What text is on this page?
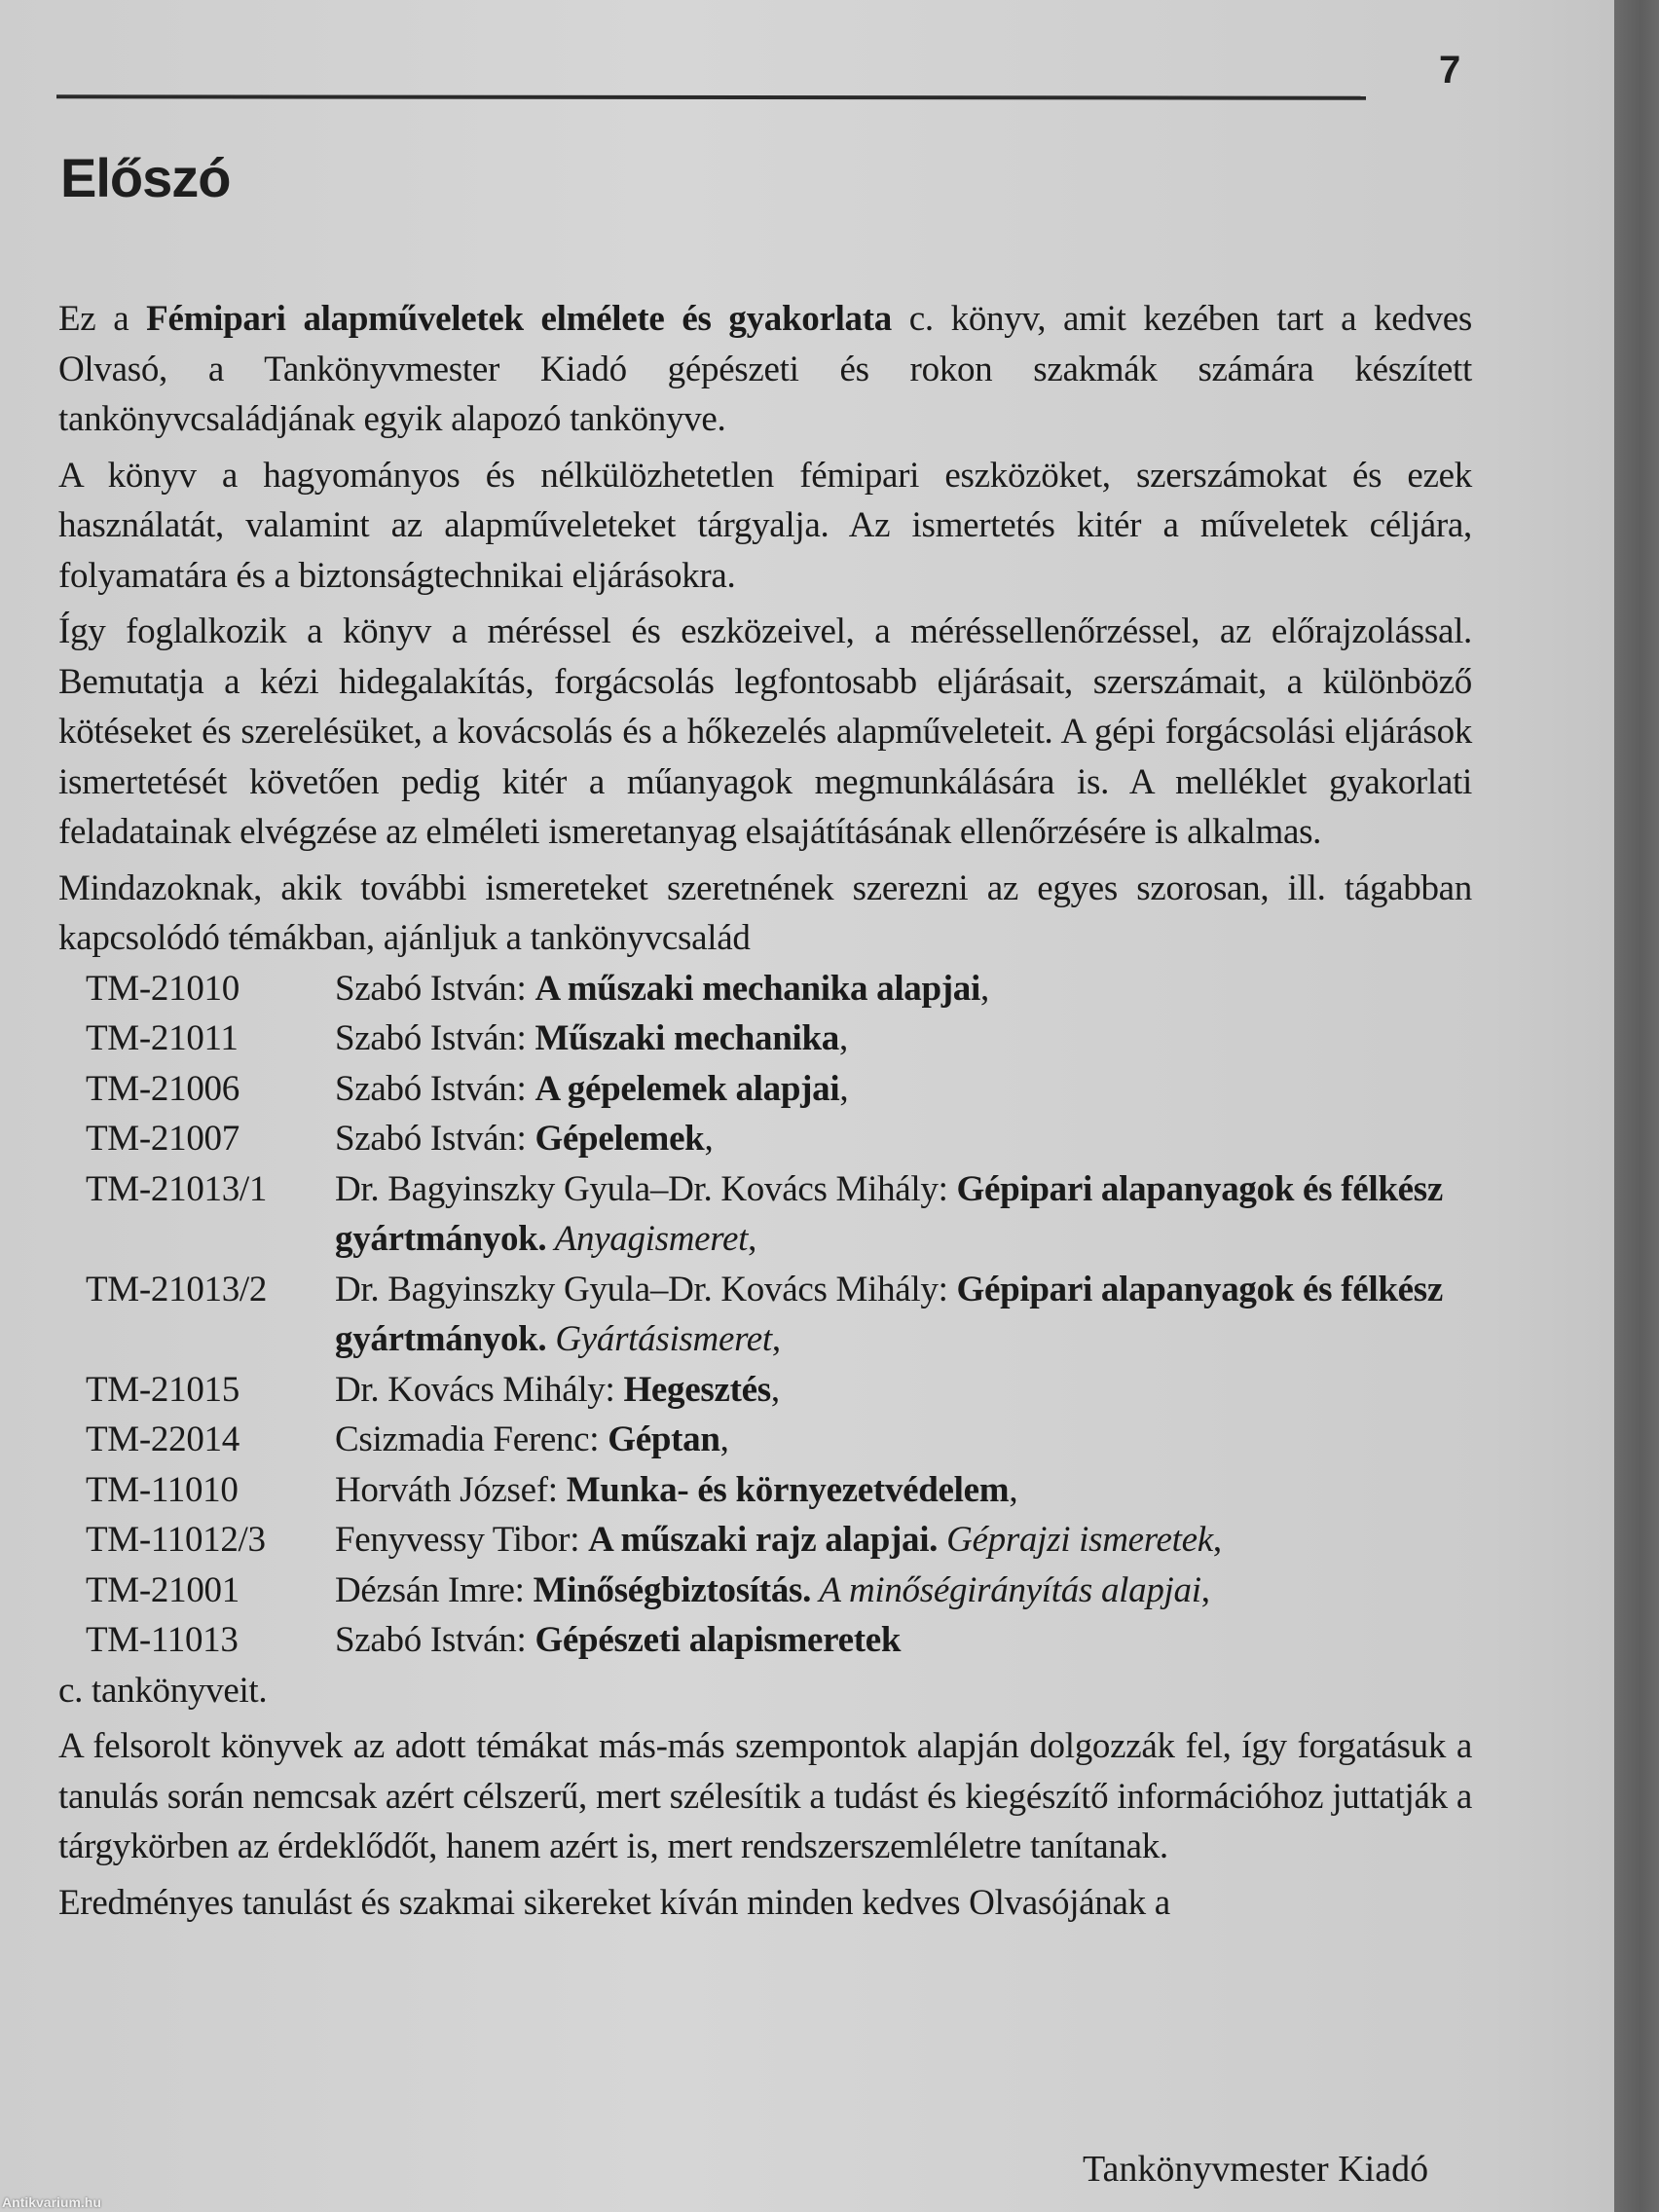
7
Előszó

Ez a Fémipari alapműveletek elmélete és gyakorlata c. könyv, amit kezében tart a kedves Olvasó, a Tankönyvmester Kiadó gépészeti és rokon szakmák számára készített tankönyvcsaládjának egyik alapozó tankönyve.

A könyv a hagyományos és nélkülözhetetlen fémipari eszközöket, szerszámokat és ezek használatát, valamint az alapműveleteket tárgyalja. Az ismertetés kitér a műveletek céljára, folyamatára és a biztonságtechnikai eljárásokra.

Így foglalkozik a könyv a méréssel és eszközeivel, a méréssellenőrzéssel, az előrajzolással. Bemutatja a kézi hidegalakítás, forgácsolás legfontosabb eljárásait, szerszámait, a különböző kötéseket és szerelésüket, a kovácsolás és a hőkezelés alapműveleteit. A gépi forgácsolási eljárások ismertetését követően pedig kitér a műanyagok megmunkálására is. A melléklet gyakorlati feladatainak elvégzése az elméleti ismeretanyag elsajátításának ellenőrzésére is alkalmas.

Mindazoknak, akik további ismereteket szeretnének szerezni az egyes szorosan, ill. tágabban kapcsolódó témákban, ajánljuk a tankönyvcsalád

TM-21010	Szabó István: A műszaki mechanika alapjai,
TM-21011	Szabó István: Műszaki mechanika,
TM-21006	Szabó István: A gépelemek alapjai,
TM-21007	Szabó István: Gépelemek,
TM-21013/1	Dr. Bagyinszky Gyula–Dr. Kovács Mihály: Gépipari alapanyagok és félkész gyártmányok. Anyagismeret,
TM-21013/2	Dr. Bagyinszky Gyula–Dr. Kovács Mihály: Gépipari alapanyagok és félkész gyártmányok. Gyártásismeret,
TM-21015	Dr. Kovács Mihály: Hegesztés,
TM-22014	Csizmadia Ferenc: Géptan,
TM-11010	Horváth József: Munka- és környezetvédelem,
TM-11012/3	Fenyvessy Tibor: A műszaki rajz alapjai. Géprajzi ismeretek,
TM-21001	Dézsán Imre: Minőségbiztosítás. A minőségirányítás alapjai,
TM-11013	Szabó István: Gépészeti alapismeretek

c. tankönyveit.

A felsorolt könyvek az adott témákat más-más szempontok alapján dolgozzák fel, így forgatásuk a tanulás során nemcsak azért célszerű, mert szélesítik a tudást és kiegészítő információhoz juttatják a tárgykörben az érdeklődőt, hanem azért is, mert rendszerszemléletre tanítanak.

Eredményes tanulást és szakmai sikereket kíván minden kedves Olvasójának a

Tankönyvmester Kiadó
Antikvarium.hu
